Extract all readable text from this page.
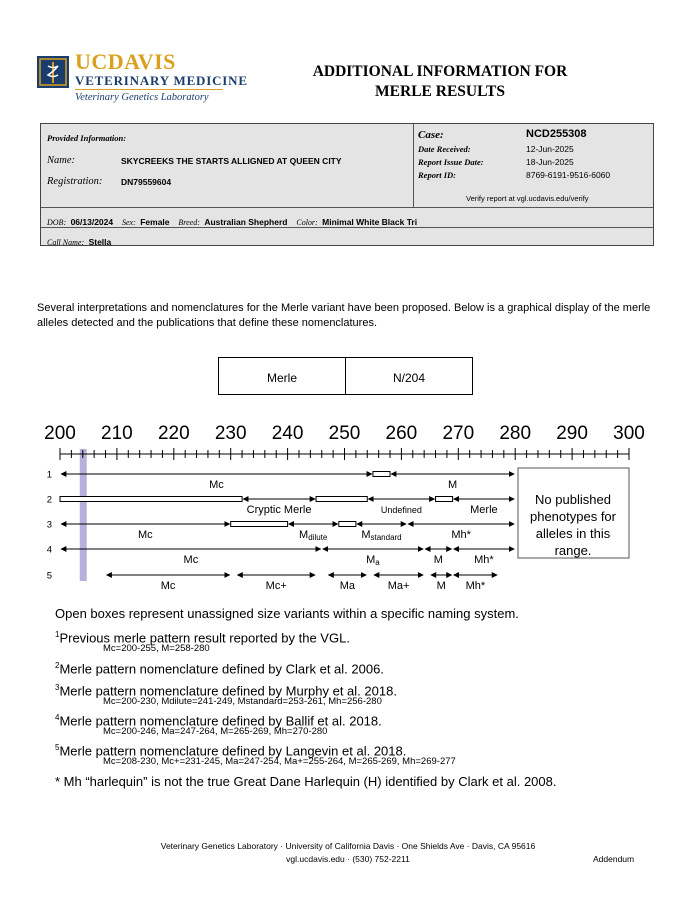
UCDAVIS
VETERINARY MEDICINE
Veterinary Genetics Laboratory
ADDITIONAL INFORMATION FOR
MERLE RESULTS
Provided Information:
Name:	SKYCREEKS THE STARTS ALLIGNED AT QUEEN CITY
Registration: DN79559604
Case:	NCD255308
Date Received:	12-Jun-2025
Report Issue Date:	18-Jun-2025
Report ID:	8769-6191-9516-6060
Verify report at vgl.ucdavis.edu/verify
DOB: 06/13/2024 Sex: Female Breed: Australian Shepherd Color: Minimal White Black Tri
Call Name: Stella
Several interpretations and nomenclatures for the Merle variant have been proposed. Below is a graphical display of the merle alleles detected and the publications that define these nomenclatures.
Merle	N/204
200 210 220 230 240 250 260 270 280 290 300
1
Mc	M
2
Cryptic Merle	Undefined	Merle
3
Mc	Mdilute	Mstandard	Mh*
4
Mc	Ma	M	Mh*
5
Mc	Mc+	Ma	Ma+ M Mh*
No published phenotypes for alleles in this range.
Open boxes represent unassigned size variants within a specific naming system.
$^1$Previous merle pattern result reported by the VGL.
Mc=200-255, M=258-280
$^2$Merle pattern nomenclature defined by Clark et al. 2006.
$^3$Merle pattern nomenclature defined by Murphy et al. 2018.
Mc=200-230, Mdilute=241-249, Mstandard=253-261, Mh=256-280
$^4$Merle pattern nomenclature defined by Ballif et al. 2018.
Mc=200-246, Ma=247-264, M=265-269, Mh=270-280
$^5$Merle pattern nomenclature defined by Langevin et al. 2018.
Mc=208-230, Mc+=231-245, Ma=247-254, Ma+=255-264, M=265-269, Mh=269-277
* Mh “harlequin” is not the true Great Dane Harlequin (H) identified by Clark et al. 2008.
Veterinary Genetics Laboratory · University of California Davis · One Shields Ave · Davis, CA 95616
vgl.ucdavis.edu · (530) 752-2211	Addendum
